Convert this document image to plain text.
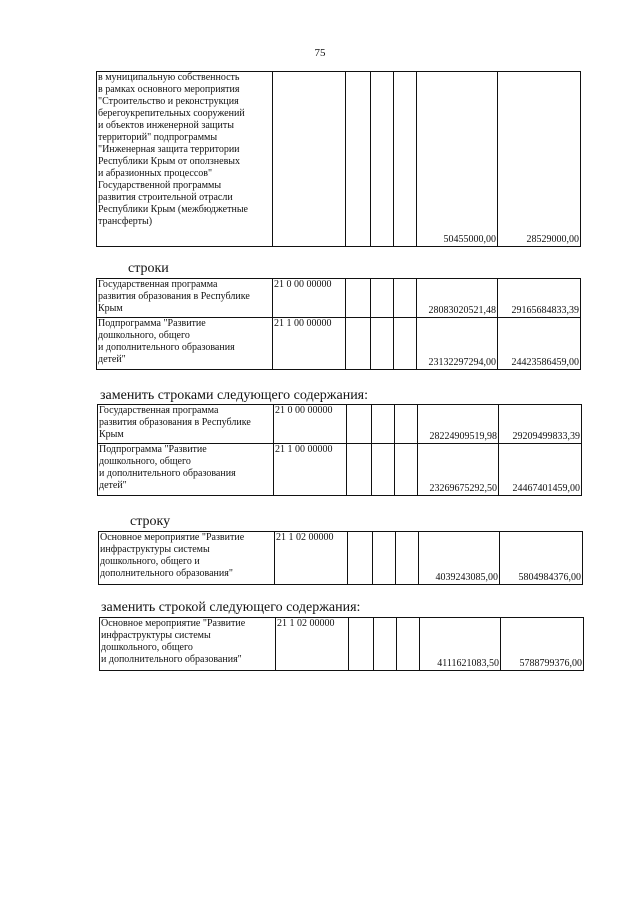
75
в муниципальную собственность
в рамках основного мероприятия
"Строительство и реконструкция
берегоукрепительных сооружений
и объектов инженерной защиты
территорий" подпрограммы
"Инженерная защита территории
Республики Крым от оползневых
и абразионных процессов"
Государственной программы
развития строительной отрасли
Республики Крым (межбюджетные
трансферты)					50455000,00	28529000,00
строки
Государственная программа
развития образования в Республике
Крым	21 0 00 00000				28083020521,48	29165684833,39
Подпрограмма "Развитие
дошкольного, общего
и дополнительного образования
детей"	21 1 00 00000				23132297294,00	24423586459,00
заменить строками следующего содержания:
Государственная программа
развития образования в Республике
Крым	21 0 00 00000				28224909519,98	29209499833,39
Подпрограмма "Развитие
дошкольного, общего
и дополнительного образования
детей"	21 1 00 00000				23269675292,50	24467401459,00
строку
Основное мероприятие "Развитие
инфраструктуры системы
дошкольного, общего и
дополнительного образования"	21 1 02 00000				4039243085,00	5804984376,00
заменить строкой следующего содержания:
Основное мероприятие "Развитие
инфраструктуры системы
дошкольного, общего
и дополнительного образования"	21 1 02 00000				4111621083,50	5788799376,00
